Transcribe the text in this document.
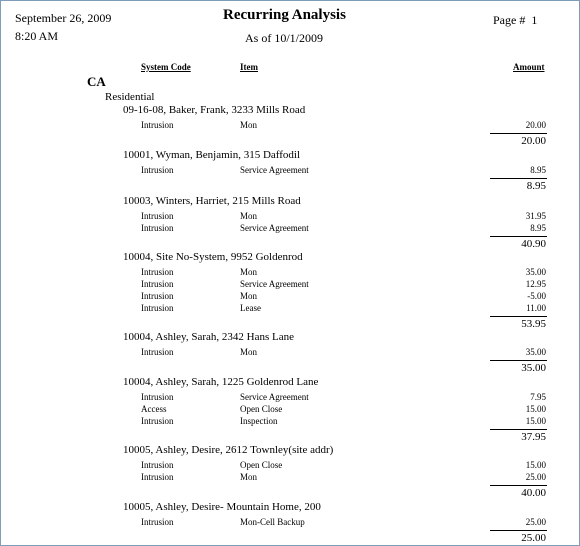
September 26, 2009
8:20 AM
Recurring Analysis
As of 10/1/2009
Page # 1
System Code	Item	Amount
CA
Residential
09-16-08, Baker, Frank, 3233 Mills Road
Intrusion	Mon	20.00
20.00
10001, Wyman, Benjamin, 315 Daffodil
Intrusion	Service Agreement	8.95
8.95
10003, Winters, Harriet, 215 Mills Road
Intrusion	Mon	31.95
Intrusion	Service Agreement	8.95
40.90
10004, Site No-System, 9952 Goldenrod
Intrusion	Mon	35.00
Intrusion	Service Agreement	12.95
Intrusion	Mon	-5.00
Intrusion	Lease	11.00
53.95
10004, Ashley, Sarah, 2342 Hans Lane
Intrusion	Mon	35.00
35.00
10004, Ashley, Sarah, 1225 Goldenrod Lane
Intrusion	Service Agreement	7.95
Access	Open Close	15.00
Intrusion	Inspection	15.00
37.95
10005, Ashley, Desire, 2612 Townley(site addr)
Intrusion	Open Close	15.00
Intrusion	Mon	25.00
40.00
10005, Ashley, Desire- Mountain Home, 200
Intrusion	Mon-Cell Backup	25.00
25.00
